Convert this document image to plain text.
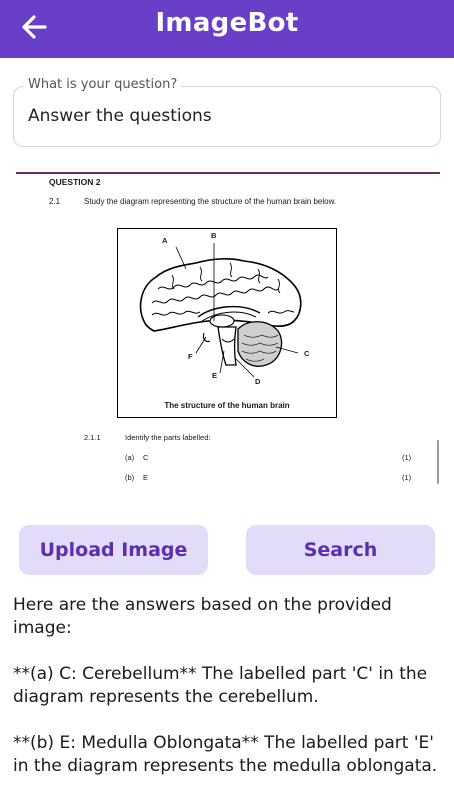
ImageBot
What is your question?
Answer the questions
QUESTION 2
2.1	Study the diagram representing the structure of the human brain below.
A
B
C
D
E
F
The structure of the human brain
2.1.1	Identify the parts labelled:
(a) C	(1)
(b) E	(1)
Upload Image	Search

Here are the answers based on the provided image:

**(a) C: Cerebellum** The labelled part 'C' in the diagram represents the cerebellum.

**(b) E: Medulla Oblongata** The labelled part 'E' in the diagram represents the medulla oblongata.
